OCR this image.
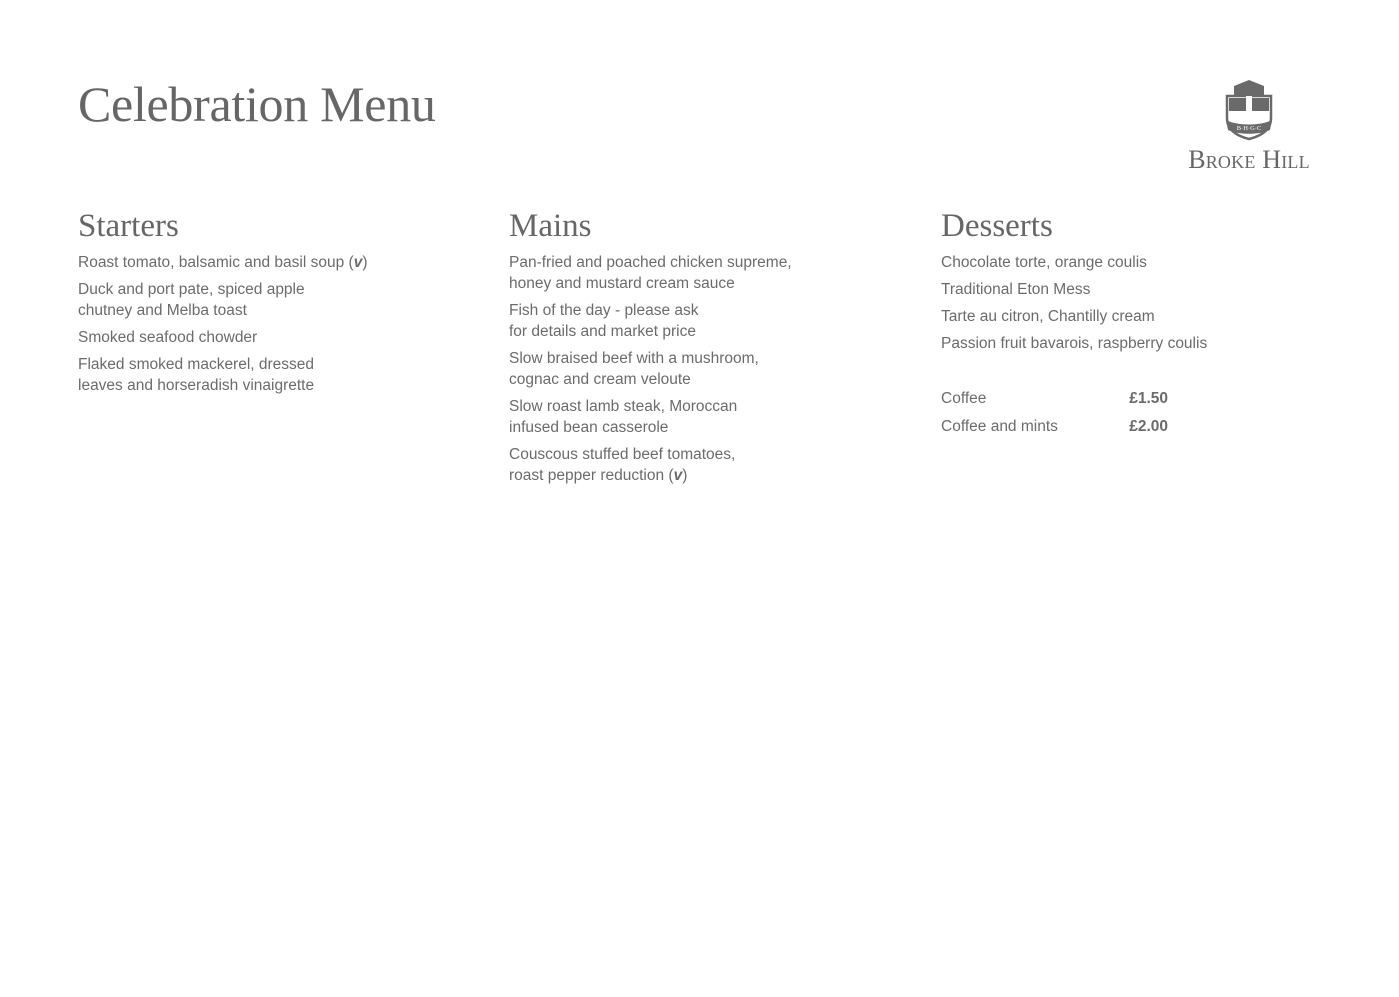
Celebration Menu	B·H·G·C
Broke Hill
Starters
Roast tomato, balsamic and basil soup (v)
Duck and port pate, spiced apple
chutney and Melba toast
Smoked seafood chowder
Flaked smoked mackerel, dressed
leaves and horseradish vinaigrette
Mains
Pan-fried and poached chicken supreme,
honey and mustard cream sauce
Fish of the day - please ask
for details and market price
Slow braised beef with a mushroom,
cognac and cream veloute
Slow roast lamb steak, Moroccan
infused bean casserole
Couscous stuffed beef tomatoes,
roast pepper reduction (v)
Desserts
Chocolate torte, orange coulis
Traditional Eton Mess
Tarte au citron, Chantilly cream
Passion fruit bavarois, raspberry coulis
Coffee	£1.50
Coffee and mints	£2.00
